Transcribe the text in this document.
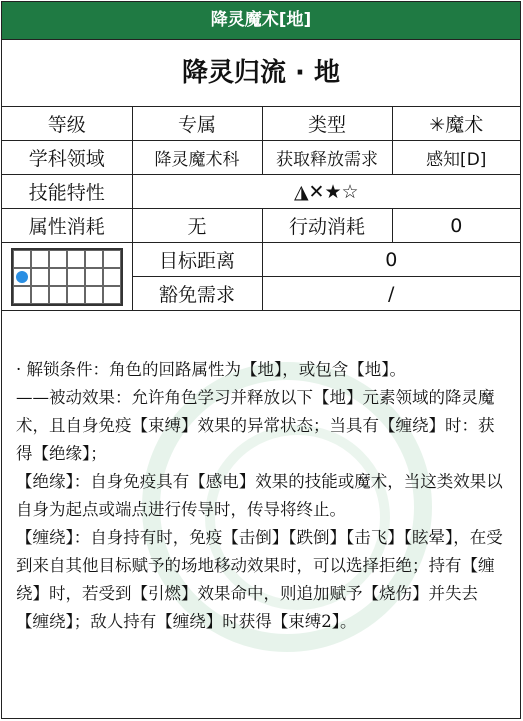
降灵魔术[地]
降灵归流 · 地
等级	专属	类型	✳魔术
学科领域	降灵魔术科	获取释放需求	感知[D]
技能特性	◮✕★☆		
属性消耗	无	行动消耗	0

	目标距离	0	
	豁免需求	/	

· 解锁条件：角色的回路属性为【地】，或包含【地】。

——被动效果：允许角色学习并释放以下【地】元素领域的降灵魔术，且自身免疫【束缚】效果的异常状态；当具有【缠绕】时：获得【绝缘】；

【绝缘】：自身免疫具有【感电】效果的技能或魔术，当这类效果以自身为起点或端点进行传导时，传导将终止。

【缠绕】：自身持有时，免疫【击倒】【跌倒】【击飞】【眩晕】，在受到来自其他目标赋予的场地移动效果时，可以选择拒绝；持有【缠绕】时，若受到【引燃】效果命中，则追加赋予【烧伤】并失去【缠绕】；敌人持有【缠绕】时获得【束缚2】。
